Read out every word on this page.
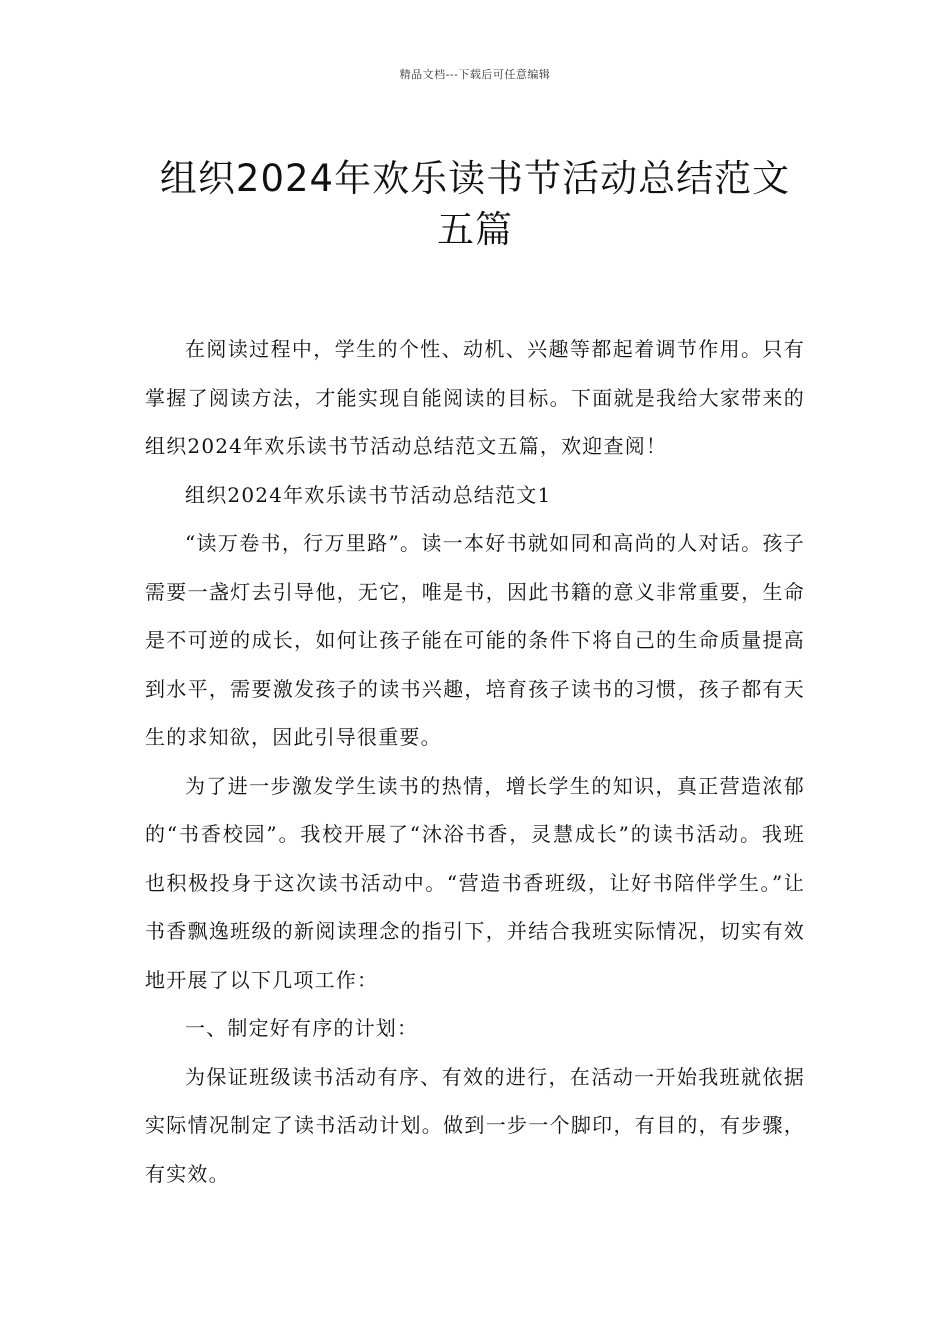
精品文档---下载后可任意编辑
组织2024年欢乐读书节活动总结范文
五篇

在阅读过程中，学生的个性、动机、兴趣等都起着调节作用。只有掌握了阅读方法，才能实现自能阅读的目标。下面就是我给大家带来的组织2024年欢乐读书节活动总结范文五篇，欢迎查阅！

组织2024年欢乐读书节活动总结范文1

“读万卷书，行万里路”。读一本好书就如同和高尚的人对话。孩子需要一盏灯去引导他，无它，唯是书，因此书籍的意义非常重要，生命是不可逆的成长，如何让孩子能在可能的条件下将自己的生命质量提高到水平，需要激发孩子的读书兴趣，培育孩子读书的习惯，孩子都有天生的求知欲，因此引导很重要。

为了进一步激发学生读书的热情，增长学生的知识，真正营造浓郁的“书香校园”。我校开展了“沐浴书香，灵慧成长”的读书活动。我班也积极投身于这次读书活动中。“营造书香班级，让好书陪伴学生。”让书香飘逸班级的新阅读理念的指引下，并结合我班实际情况，切实有效地开展了以下几项工作：

一、制定好有序的计划：

为保证班级读书活动有序、有效的进行，在活动一开始我班就依据实际情况制定了读书活动计划。做到一步一个脚印，有目的，有步骤，有实效。
